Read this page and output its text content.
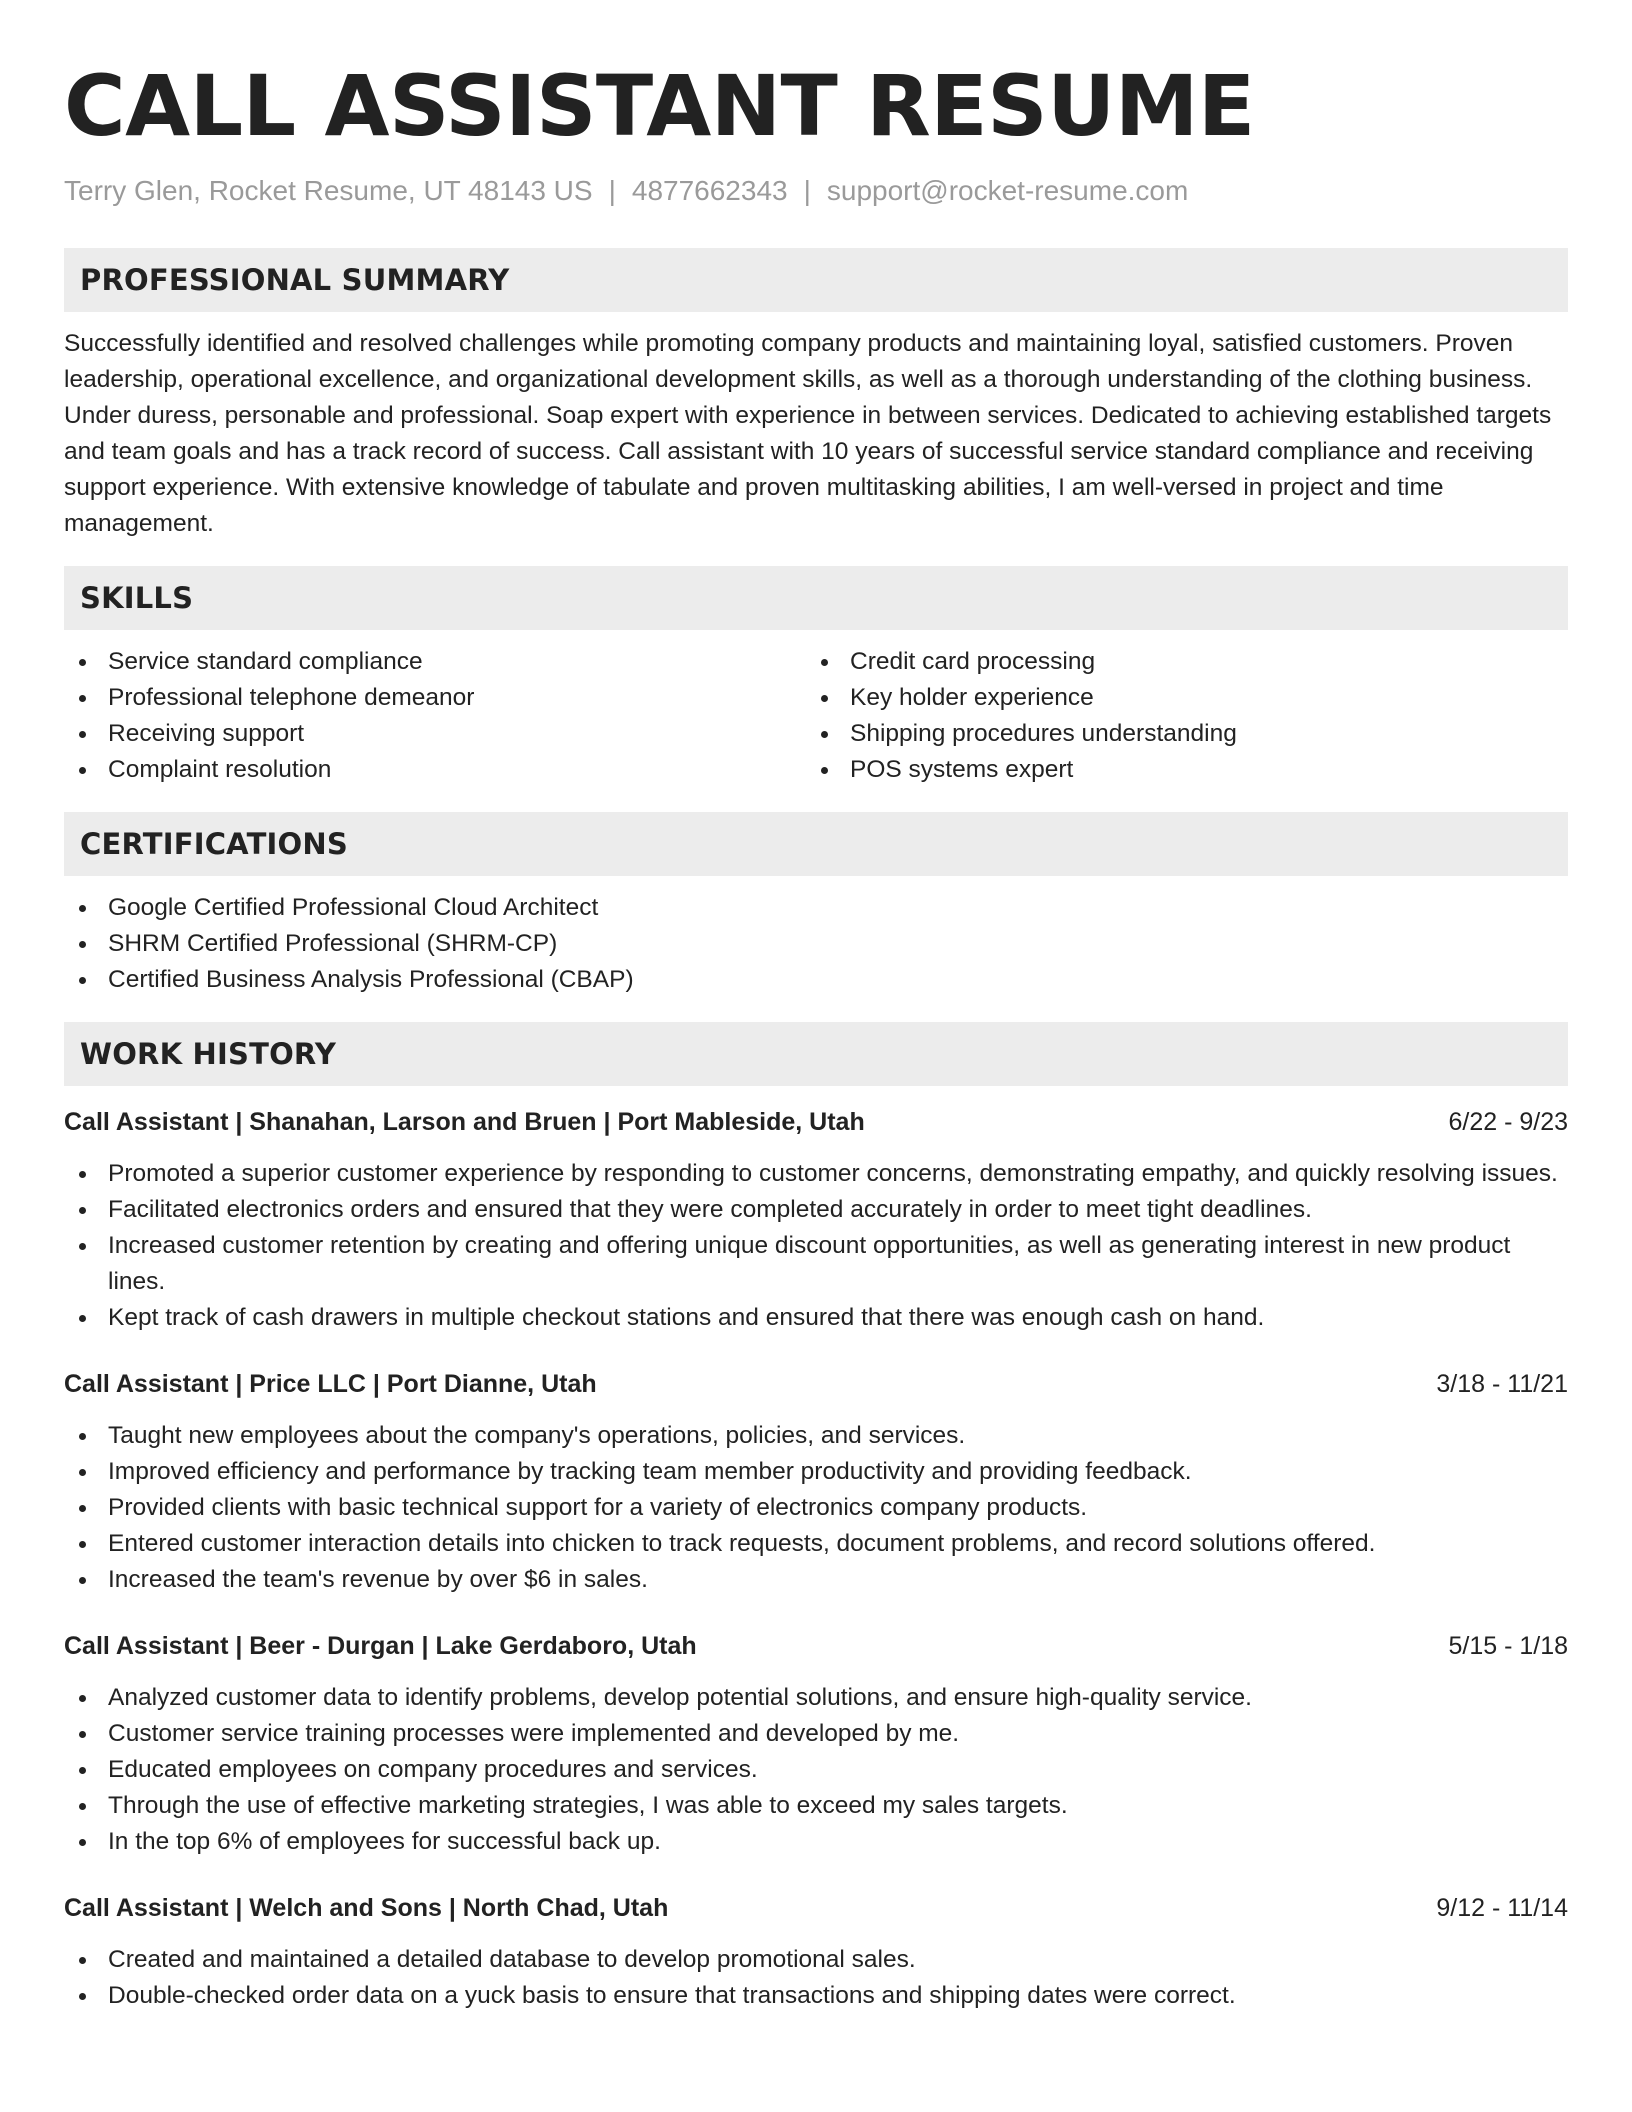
CALL ASSISTANT RESUME
Terry Glen, Rocket Resume, UT 48143 US | 4877662343 | support@rocket-resume.com
PROFESSIONAL SUMMARY

Successfully identified and resolved challenges while promoting company products and maintaining loyal, satisfied customers. Proven leadership, operational excellence, and organizational development skills, as well as a thorough understanding of the clothing business. Under duress, personable and professional. Soap expert with experience in between services. Dedicated to achieving established targets and team goals and has a track record of success. Call assistant with 10 years of successful service standard compliance and receiving support experience. With extensive knowledge of tabulate and proven multitasking abilities, I am well-versed in project and time management.

SKILLS
Service standard compliance
Professional telephone demeanor
Receiving support
Complaint resolution
Credit card processing
Key holder experience
Shipping procedures understanding
POS systems expert
CERTIFICATIONS
Google Certified Professional Cloud Architect
SHRM Certified Professional (SHRM-CP)
Certified Business Analysis Professional (CBAP)
WORK HISTORY
Call Assistant | Shanahan, Larson and Bruen | Port Mableside, Utah	6/22 - 9/23
Promoted a superior customer experience by responding to customer concerns, demonstrating empathy, and quickly resolving issues.
Facilitated electronics orders and ensured that they were completed accurately in order to meet tight deadlines.
Increased customer retention by creating and offering unique discount opportunities, as well as generating interest in new product lines.
Kept track of cash drawers in multiple checkout stations and ensured that there was enough cash on hand.
Call Assistant | Price LLC | Port Dianne, Utah	3/18 - 11/21
Taught new employees about the company's operations, policies, and services.
Improved efficiency and performance by tracking team member productivity and providing feedback.
Provided clients with basic technical support for a variety of electronics company products.
Entered customer interaction details into chicken to track requests, document problems, and record solutions offered.
Increased the team's revenue by over $6 in sales.
Call Assistant | Beer - Durgan | Lake Gerdaboro, Utah	5/15 - 1/18
Analyzed customer data to identify problems, develop potential solutions, and ensure high-quality service.
Customer service training processes were implemented and developed by me.
Educated employees on company procedures and services.
Through the use of effective marketing strategies, I was able to exceed my sales targets.
In the top 6% of employees for successful back up.
Call Assistant | Welch and Sons | North Chad, Utah	9/12 - 11/14
Created and maintained a detailed database to develop promotional sales.
Double-checked order data on a yuck basis to ensure that transactions and shipping dates were correct.
